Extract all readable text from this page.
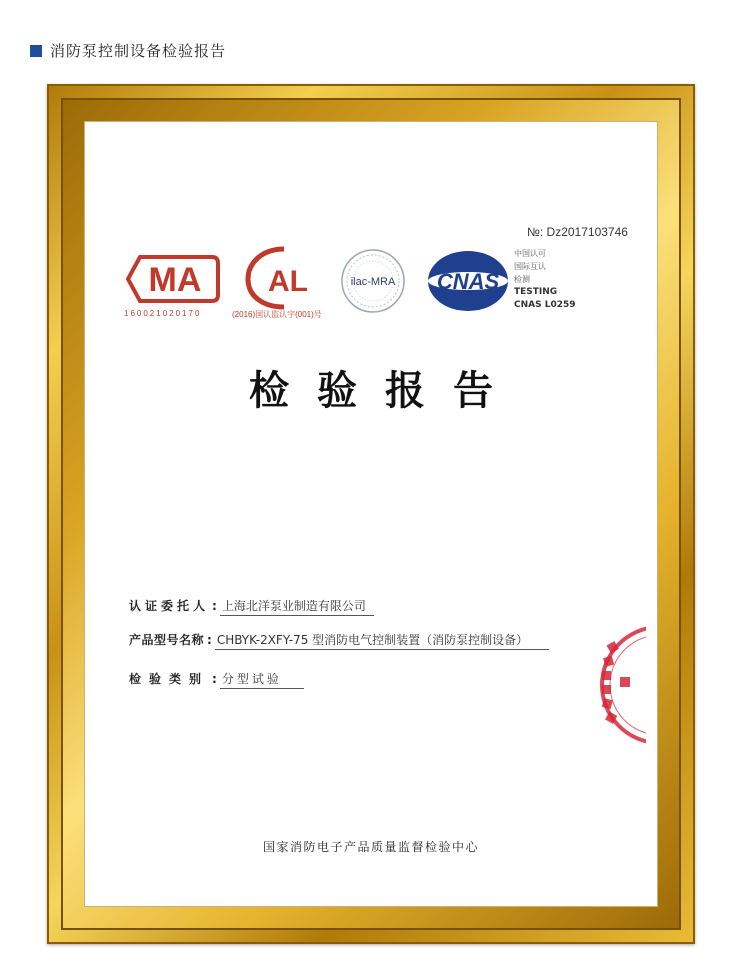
消防泵控制设备检验报告
№: Dz2017103746
MA
160021020170
AL
(2016)国认监认字(001)号
ilac-MRA CNAS
中国认可
国际互认
检测
TESTING
CNAS L0259
检验报告
认证委托人 : 上海北洋泵业制造有限公司
产品型号名称 : CHBYK-2XFY-75 型消防电气控制装置（消防泵控制设备）
检验类别 : 分型试验
国家消防电子产品质量监督检验中心
